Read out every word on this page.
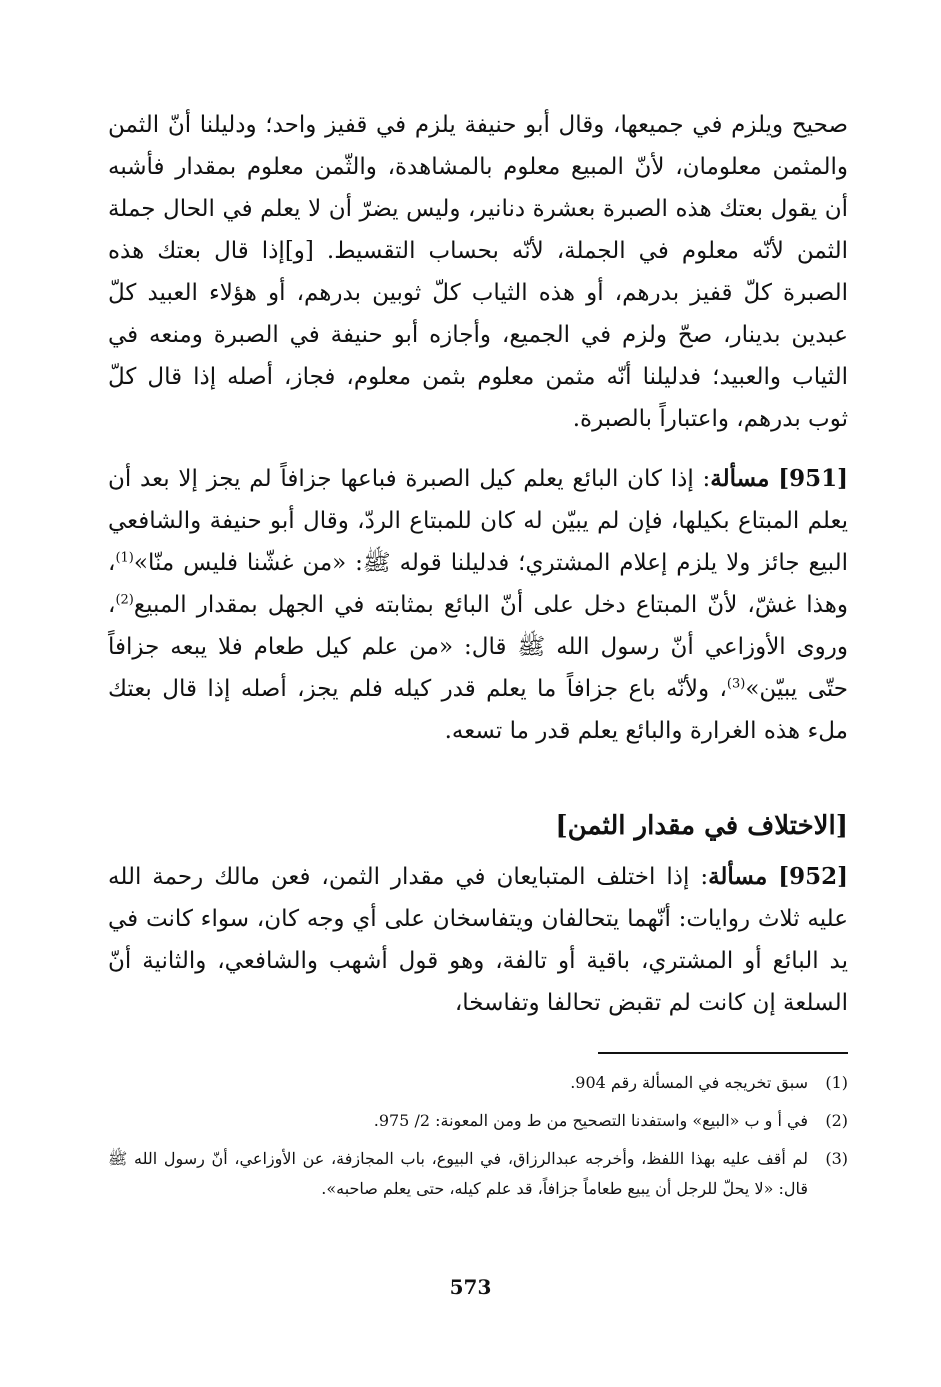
صحيح ويلزم في جميعها، وقال أبو حنيفة يلزم في قفيز واحد؛ ودليلنا أنّ الثمن والمثمن معلومان، لأنّ المبيع معلوم بالمشاهدة، والثّمن معلوم بمقدار فأشبه أن يقول بعتك هذه الصبرة بعشرة دنانير، وليس يضرّ أن لا يعلم في الحال جملة الثمن لأنّه معلوم في الجملة، لأنّه بحساب التقسيط. [و]إذا قال بعتك هذه الصبرة كلّ قفيز بدرهم، أو هذه الثياب كلّ ثوبين بدرهم، أو هؤلاء العبيد كلّ عبدين بدينار، صحّ ولزم في الجميع، وأجازه أبو حنيفة في الصبرة ومنعه في الثياب والعبيد؛ فدليلنا أنّه مثمن معلوم بثمن معلوم، فجاز، أصله إذا قال كلّ ثوب بدرهم، واعتباراً بالصبرة.

[951] مسألة: إذا كان البائع يعلم كيل الصبرة فباعها جزافاً لم يجز إلا بعد أن يعلم المبتاع بكيلها، فإن لم يبيّن له كان للمبتاع الردّ، وقال أبو حنيفة والشافعي البيع جائز ولا يلزم إعلام المشتري؛ فدليلنا قوله ﷺ: «من غشّنا فليس منّا»$^{(1)}$، وهذا غشّ، لأنّ المبتاع دخل على أنّ البائع بمثابته في الجهل بمقدار المبيع$^{(2)}$، وروى الأوزاعي أنّ رسول الله ﷺ قال: «من علم كيل طعام فلا يبعه جزافاً حتّى يبيّن»$^{(3)}$، ولأنّه باع جزافاً ما يعلم قدر كيله فلم يجز، أصله إذا قال بعتك ملء هذه الغرارة والبائع يعلم قدر ما تسعه.

[الاختلاف في مقدار الثمن]

[952] مسألة: إذا اختلف المتبايعان في مقدار الثمن، فعن مالك رحمة الله عليه ثلاث روايات: أنّهما يتحالفان ويتفاسخان على أي وجه كان، سواء كانت في يد البائع أو المشتري، باقية أو تالفة، وهو قول أشهب والشافعي، والثانية أنّ السلعة إن كانت لم تقبض تحالفا وتفاسخا،

(1)
سبق تخريجه في المسألة رقم 904.
(2)
في أ و ب «البيع» واستفدنا التصحيح من ط ومن المعونة: 2/ 975.
(3)
لم أقف عليه بهذا اللفظ، وأخرجه عبدالرزاق، في البيوع، باب المجازفة، عن الأوزاعي، أنّ رسول الله ﷺ قال: «لا يحلّ للرجل أن يبيع طعاماً جزافاً، قد علم كيله، حتى يعلم صاحبه».
573
